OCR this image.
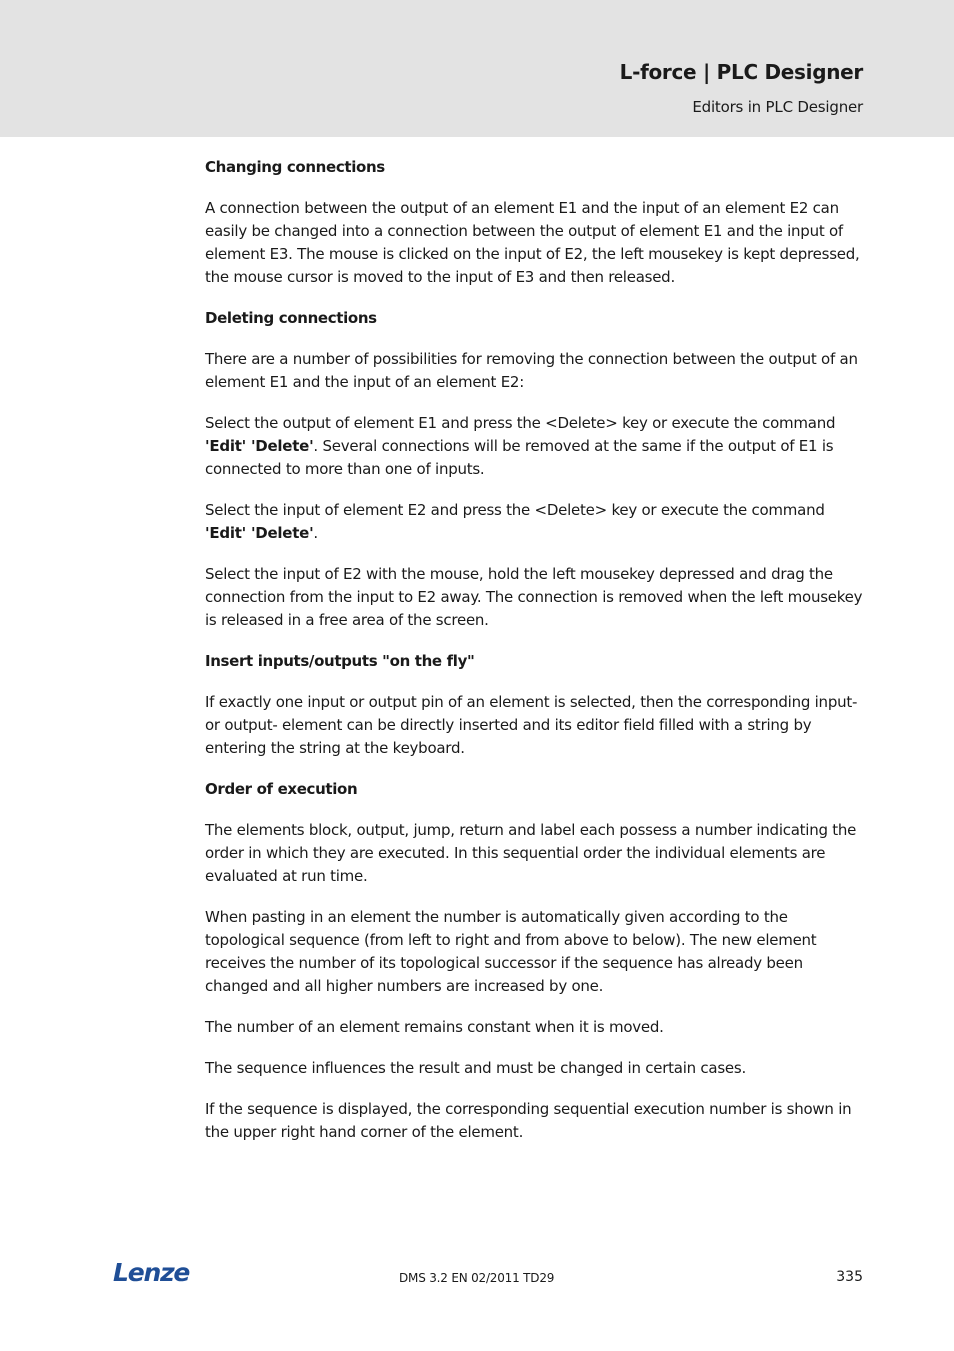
L-force | PLC Designer
Editors in PLC Designer
Changing connections

A connection between the output of an element E1 and the input of an element E2 can easily be changed into a connection between the output of element E1 and the input of element E3. The mouse is clicked on the input of E2, the left mousekey is kept depressed, the mouse cursor is moved to the input of E3 and then released.

Deleting connections

There are a number of possibilities for removing the connection between the output of an element E1 and the input of an element E2:

Select the output of element E1 and press the <Delete> key or execute the command 'Edit' 'Delete'. Several connections will be removed at the same if the output of E1 is connected to more than one of inputs.

Select the input of element E2 and press the <Delete> key or execute the command 'Edit' 'Delete'.

Select the input of E2 with the mouse, hold the left mousekey depressed and drag the connection from the input to E2 away. The connection is removed when the left mousekey is released in a free area of the screen.

Insert inputs/outputs "on the fly"

If exactly one input or output pin of an element is selected, then the corresponding input- or output- element can be directly inserted and its editor field filled with a string by entering the string at the keyboard.

Order of execution

The elements block, output, jump, return and label each possess a number indicating the order in which they are executed. In this sequential order the individual elements are evaluated at run time.

When pasting in an element the number is automatically given according to the topological sequence (from left to right and from above to below). The new element receives the number of its topological successor if the sequence has already been changed and all higher numbers are increased by one.

The number of an element remains constant when it is moved.

The sequence influences the result and must be changed in certain cases.

If the sequence is displayed, the corresponding sequential execution number is shown in the upper right hand corner of the element.

Lenze	DMS 3.2 EN 02/2011 TD29	335
